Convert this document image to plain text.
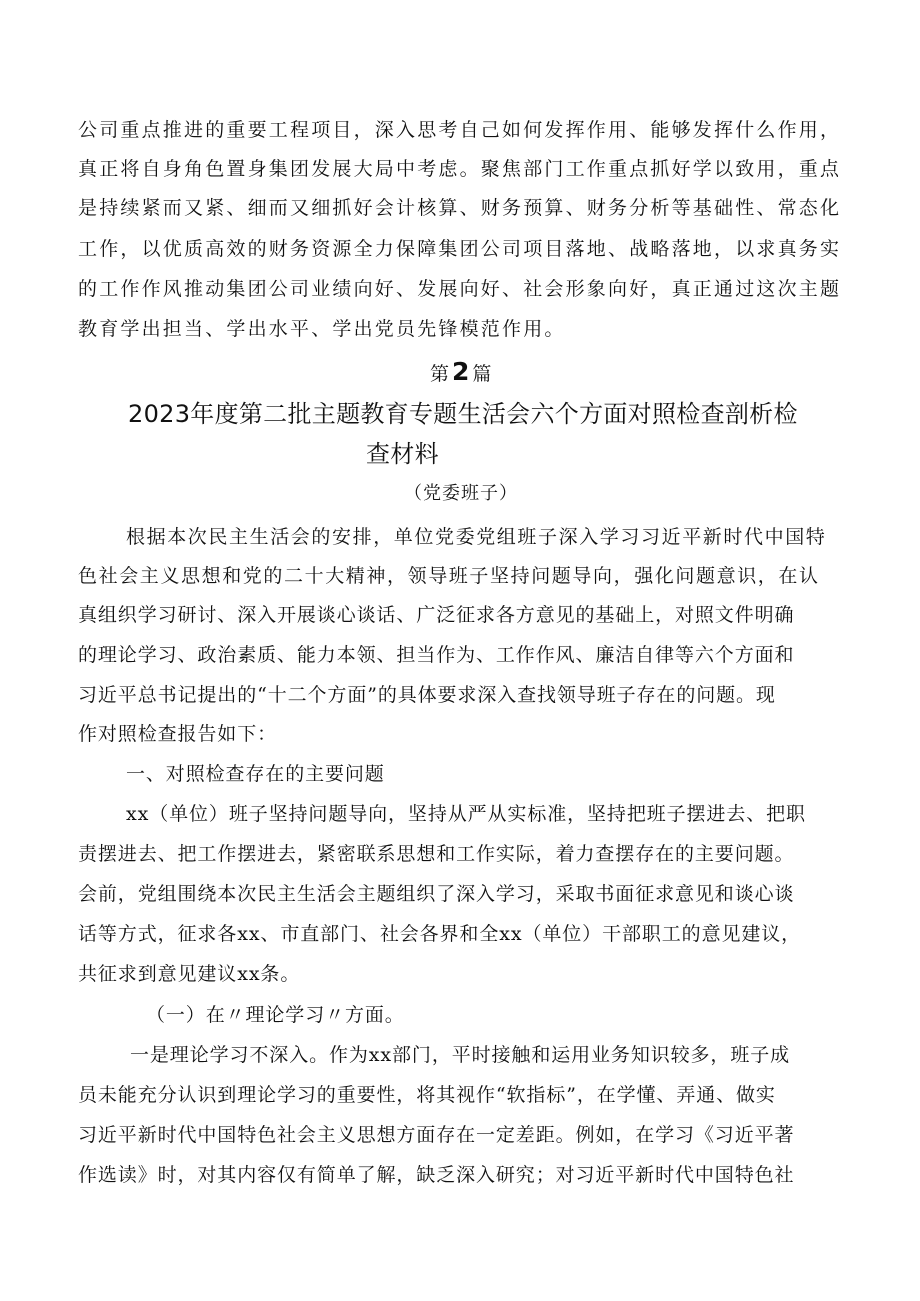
公司重点推进的重要工程项目，深入思考自己如何发挥作用、能够发挥什么作用，
真正将自身角色置身集团发展大局中考虑。聚焦部门工作重点抓好学以致用，重点
是持续紧而又紧、细而又细抓好会计核算、财务预算、财务分析等基础性、常态化
工作，以优质高效的财务资源全力保障集团公司项目落地、战略落地，以求真务实
的工作作风推动集团公司业绩向好、发展向好、社会形象向好，真正通过这次主题
教育学出担当、学出水平、学出党员先锋模范作用。
第 2 篇
2023年度第二批主题教育专题生活会六个方面对照检查剖析检
查材料
（党委班子）
根据本次民主生活会的安排，单位党委党组班子深入学习习近平新时代中国特
色社会主义思想和党的二十大精神，领导班子坚持问题导向，强化问题意识，在认
真组织学习研讨、深入开展谈心谈话、广泛征求各方意见的基础上，对照文件明确
的理论学习、政治素质、能力本领、担当作为、工作作风、廉洁自律等六个方面和
习近平总书记提出的“十二个方面”的具体要求深入查找领导班子存在的问题。现
作对照检查报告如下：
一、对照检查存在的主要问题
xx（单位）班子坚持问题导向，坚持从严从实标准，坚持把班子摆进去、把职
责摆进去、把工作摆进去，紧密联系思想和工作实际，着力查摆存在的主要问题。
会前，党组围绕本次民主生活会主题组织了深入学习，采取书面征求意见和谈心谈
话等方式，征求各xx、市直部门、社会各界和全xx（单位）干部职工的意见建议，
共征求到意见建议xx条。
（一）在〃理论学习〃方面。
一是理论学习不深入。作为xx部门，平时接触和运用业务知识较多，班子成
员未能充分认识到理论学习的重要性，将其视作“软指标”，在学懂、弄通、做实
习近平新时代中国特色社会主义思想方面存在一定差距。例如，在学习《习近平著
作选读》时，对其内容仅有简单了解，缺乏深入研究；对习近平新时代中国特色社
